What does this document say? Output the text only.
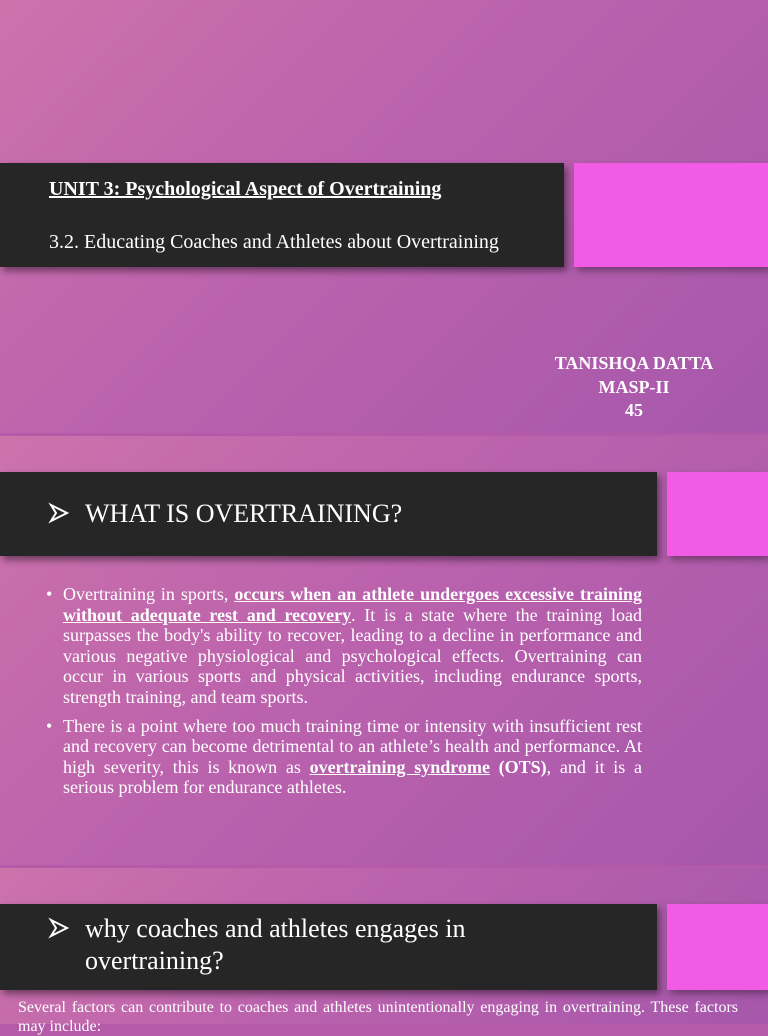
UNIT 3: Psychological Aspect of Overtraining

3.2. Educating Coaches and Athletes about Overtraining

TANISHQA DATTA
MASP-II
45
WHAT IS OVERTRAINING?
• Overtraining in sports, occurs when an athlete undergoes excessive training without adequate rest and recovery. It is a state where the training load surpasses the body's ability to recover, leading to a decline in performance and various negative physiological and psychological effects. Overtraining can occur in various sports and physical activities, including endurance sports, strength training, and team sports.
• There is a point where too much training time or intensity with insufficient rest and recovery can become detrimental to an athlete’s health and performance. At high severity, this is known as overtraining syndrome (OTS), and it is a serious problem for endurance athletes.
why coaches and athletes engages in overtraining?
Several factors can contribute to coaches and athletes unintentionally engaging in overtraining. These factors may include:
